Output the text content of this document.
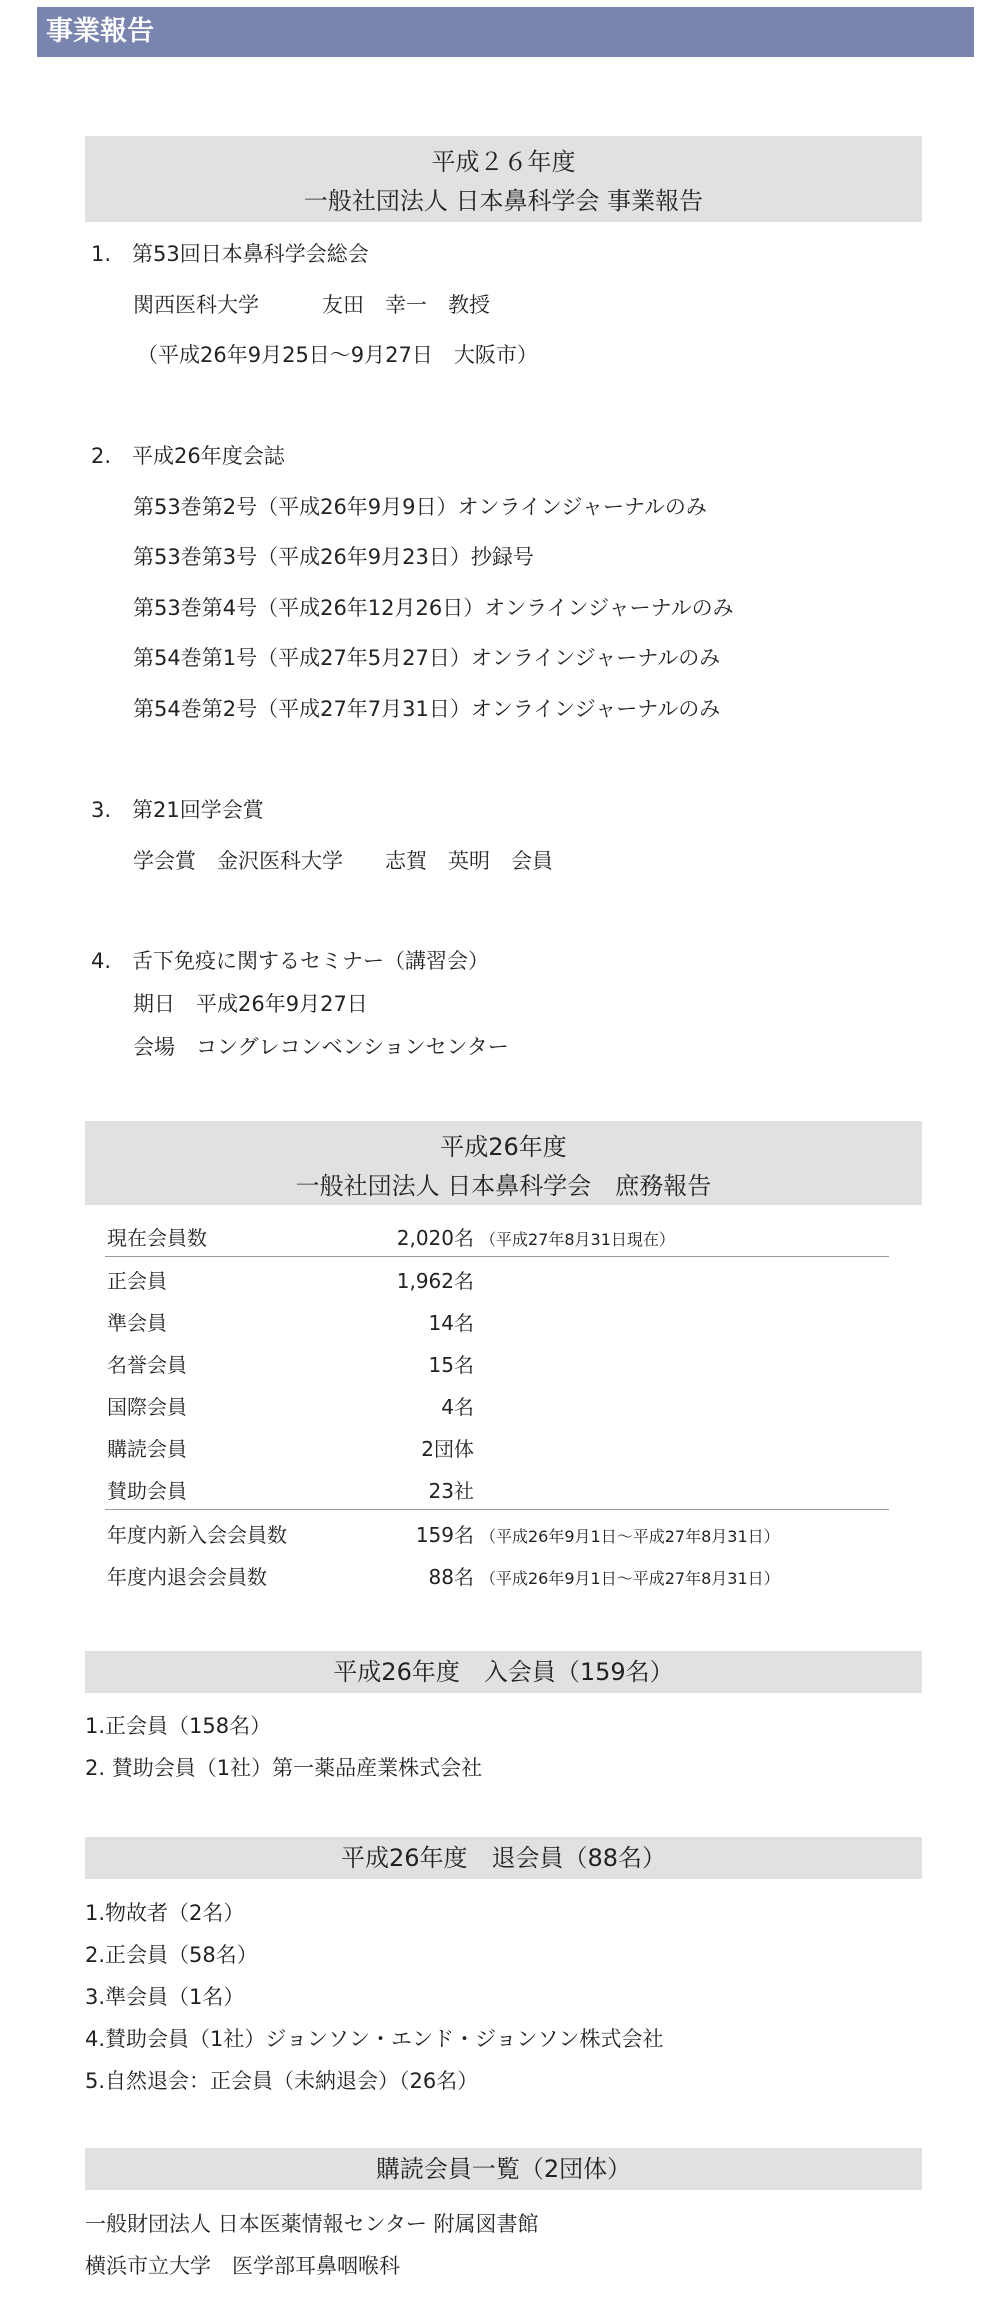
事業報告
平成２６年度
一般社団法人 日本鼻科学会 事業報告
1.　第53回日本鼻科学会総会
関西医科大学　　　友田　幸一　教授
（平成26年9月25日〜9月27日　大阪市）
2.　平成26年度会誌
第53巻第2号（平成26年9月9日）オンラインジャーナルのみ
第53巻第3号（平成26年9月23日）抄録号
第53巻第4号（平成26年12月26日）オンラインジャーナルのみ
第54巻第1号（平成27年5月27日）オンラインジャーナルのみ
第54巻第2号（平成27年7月31日）オンラインジャーナルのみ
3.　第21回学会賞
学会賞　金沢医科大学　　志賀　英明　会員
4.　舌下免疫に関するセミナー（講習会）
期日　平成26年9月27日
会場　コングレコンベンションセンター
平成26年度
一般社団法人 日本鼻科学会　庶務報告
現在会員数	2,020名 （平成27年8月31日現在）
正会員	1,962名
準会員	14名
名誉会員	15名
国際会員	4名
購読会員	2団体
賛助会員	23社
年度内新入会会員数	159名 （平成26年9月1日〜平成27年8月31日）
年度内退会会員数	88名 （平成26年9月1日〜平成27年8月31日）
平成26年度　入会員（159名）
1.正会員（158名）
2. 賛助会員（1社）第一薬品産業株式会社
平成26年度　退会員（88名）
1.物故者（2名）
2.正会員（58名）
3.準会員（1名）
4.賛助会員（1社）ジョンソン・エンド・ジョンソン株式会社
5.自然退会：正会員（未納退会）（26名）
購読会員一覧（2団体）
一般財団法人 日本医薬情報センター 附属図書館
横浜市立大学　医学部耳鼻咽喉科
